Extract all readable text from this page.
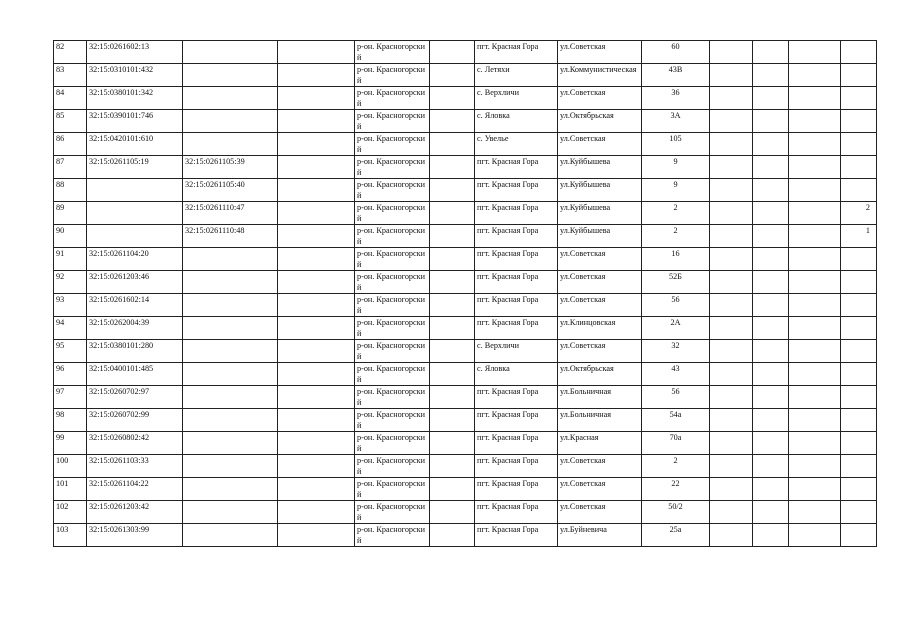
82	32:15:0261602:13			р-он. Красногорский		пгт. Красная Гора	ул.Советская	60				
83	32:15:0310101:432			р-он. Красногорский		с. Летяхи	ул.Коммунистическая	43В				
84	32:15:0380101:342			р-он. Красногорский		с. Верхличи	ул.Советская	36				
85	32:15:0390101:746			р-он. Красногорский		с. Яловка	ул.Октябрьская	3А				
86	32:15:0420101:610			р-он. Красногорский		с. Увелье	ул.Советская	105				
87	32:15:0261105:19	32:15:0261105:39		р-он. Красногорский		пгт. Красная Гора	ул.Куйбышева	9				
88		32:15:0261105:40		р-он. Красногорский		пгт. Красная Гора	ул.Куйбышева	9				
89		32:15:0261110:47		р-он. Красногорский		пгт. Красная Гора	ул.Куйбышева	2				2
90		32:15:0261110:48		р-он. Красногорский		пгт. Красная Гора	ул.Куйбышева	2				1
91	32:15:0261104:20			р-он. Красногорский		пгт. Красная Гора	ул.Советская	16				
92	32:15:0261203:46			р-он. Красногорский		пгт. Красная Гора	ул.Советская	52Б				
93	32:15:0261602:14			р-он. Красногорский		пгт. Красная Гора	ул.Советская	56				
94	32:15:0262004:39			р-он. Красногорский		пгт. Красная Гора	ул.Клинцовская	2А				
95	32:15:0380101:280			р-он. Красногорский		с. Верхличи	ул.Советская	32				
96	32:15:0400101:485			р-он. Красногорский		с. Яловка	ул.Октябрьская	43				
97	32:15:0260702:97			р-он. Красногорский		пгт. Красная Гора	ул.Больничная	56				
98	32:15:0260702:99			р-он. Красногорский		пгт. Красная Гора	ул.Больничная	54а				
99	32:15:0260802:42			р-он. Красногорский		пгт. Красная Гора	ул.Красная	70а				
100	32:15:0261103:33			р-он. Красногорский		пгт. Красная Гора	ул.Советская	2				
101	32:15:0261104:22			р-он. Красногорский		пгт. Красная Гора	ул.Советская	22				
102	32:15:0261203:42			р-он. Красногорский		пгт. Красная Гора	ул.Советская	50/2				
103	32:15:0261303:99			р-он. Красногорский		пгт. Красная Гора	ул.Буйневича	25а				
